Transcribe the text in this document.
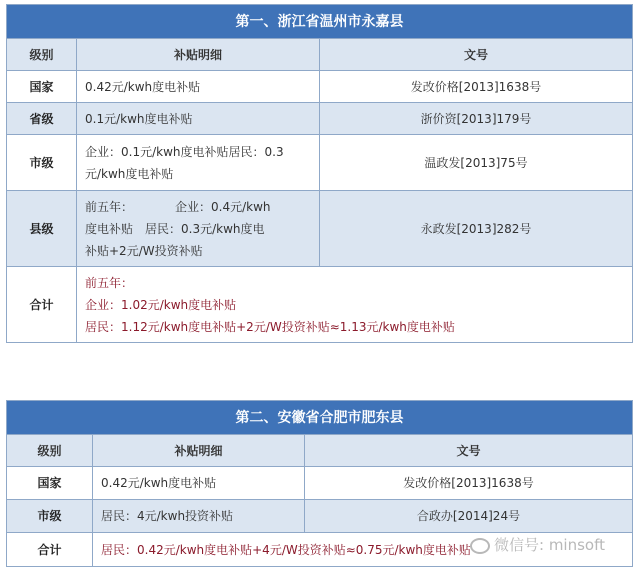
第一、浙江省温州市永嘉县		
级别	补贴明细	文号
国家	0.42元/kwh度电补贴	发改价格[2013]1638号
省级	0.1元/kwh度电补贴	浙价资[2013]179号
市级	企业：0.1元/kwh度电补贴居民：0.3
元/kwh度电补贴	温政发[2013]75号
县级	前五年：　　　　企业：0.4元/kwh
度电补贴　居民：0.3元/kwh度电
补贴+2元/W投资补贴	永政发[2013]282号
合计	前五年：
企业：1.02元/kwh度电补贴
居民：1.12元/kwh度电补贴+2元/W投资补贴≈1.13元/kwh度电补贴	
第二、安徽省合肥市肥东县		
级别	补贴明细	文号
国家	0.42元/kwh度电补贴	发改价格[2013]1638号
市级	居民：4元/kwh投资补贴	合政办[2014]24号
合计	居民：0.42元/kwh度电补贴+4元/W投资补贴≈0.75元/kwh度电补贴		微信号: minsoft
